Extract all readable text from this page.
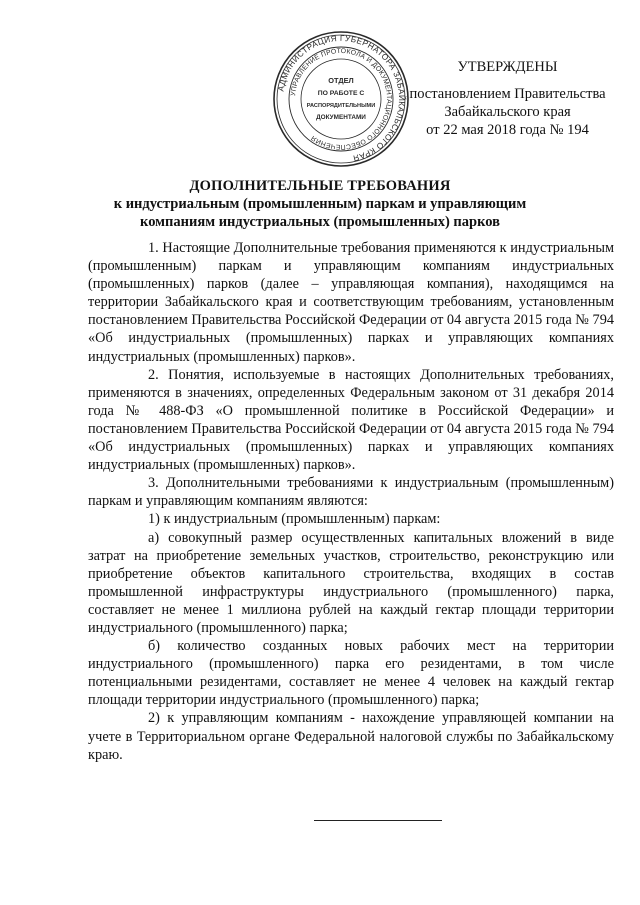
АДМИНИСТРАЦИЯ ГУБЕРНАТОРА ЗАБАЙКАЛЬСКОГО КРАЯ
УПРАВЛЕНИЕ ПРОТОКОЛА И ДОКУМЕНТАЦИОННОГО ОБЕСПЕЧЕНИЯ
ОТДЕЛ
ПО РАБОТЕ С
РАСПОРЯДИТЕЛЬНЫМИ
ДОКУМЕНТАМИ
УТВЕРЖДЕНЫ
постановлением Правительства
Забайкальского края
от 22 мая 2018 года № 194
ДОПОЛНИТЕЛЬНЫЕ ТРЕБОВАНИЯ
к индустриальным (промышленным) паркам и управляющим
компаниям индустриальных (промышленных) парков

1. Настоящие Дополнительные требования применяются к индустриальным (промышленным) паркам и управляющим компаниям индустриальных (промышленных) парков (далее – управляющая компания), находящимся на территории Забайкальского края и соответствующим требованиям, установленным постановлением Правительства Российской Федерации от 04 августа 2015 года № 794 «Об индустриальных (промышленных) парках и управляющих компаниях индустриальных (промышленных) парков».

2. Понятия, используемые в настоящих Дополнительных требованиях, применяются в значениях, определенных Федеральным законом от 31 декабря 2014 года № 488-ФЗ «О промышленной политике в Российской Федерации» и постановлением Правительства Российской Федерации от 04 августа 2015 года № 794 «Об индустриальных (промышленных) парках и управляющих компаниях индустриальных (промышленных) парков».

3. Дополнительными требованиями к индустриальным (промышленным) паркам и управляющим компаниям являются:

1) к индустриальным (промышленным) паркам:

а) совокупный размер осуществленных капитальных вложений в виде затрат на приобретение земельных участков, строительство, реконструкцию или приобретение объектов капитального строительства, входящих в состав промышленной инфраструктуры индустриального (промышленного) парка, составляет не менее 1 миллиона рублей на каждый гектар площади территории индустриального (промышленного) парка;

б) количество созданных новых рабочих мест на территории индустриального (промышленного) парка его резидентами, в том числе потенциальными резидентами, составляет не менее 4 человек на каждый гектар площади территории индустриального (промышленного) парка;

2) к управляющим компаниям - нахождение управляющей компании на учете в Территориальном органе Федеральной налоговой службы по Забайкальскому краю.
